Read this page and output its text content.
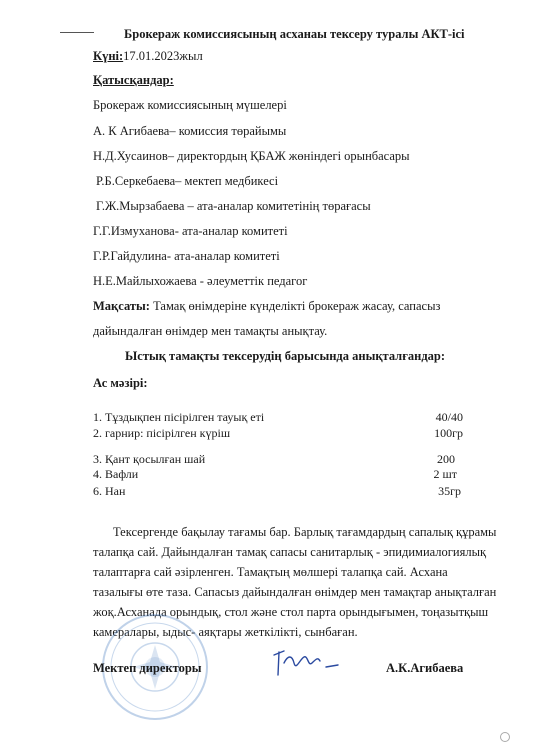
Брокераж комиссиясының асханаы тексеру туралы АКТ-ісі
Күні:17.01.2023жыл
Қатысқандар:
Брокераж комиссиясының мүшелері
А. К Агибаева– комиссия төрайымы
Н.Д.Хусаинов– директордың ҚБАЖ жөніндегі орынбасары
Р.Б.Серкебаева– мектеп медбикесі
Г.Ж.Мырзабаева – ата-аналар комитетінің төрағасы
Г.Г.Измуханова- ата-аналар комитеті
Г.Р.Гайдулина- ата-аналар комитеті
Н.Е.Майлыхожаева - әлеуметтік педагог
Мақсаты: Тамақ өнімдеріне күнделікті брокераж жасау, сапасыз
дайындалған өнімдер мен тамақты анықтау.
Ыстық тамақты тексерудің барысында анықталғандар:
Ас мәзірі:
1. Тұздықпен пісірілген тауық еті	40/40
2. гарнир: пісірілген күріш	100гр
3. Қант қосылған шай	200
4. Вафли	2 шт
6. Нан	35гр
Тексергенде бақылау тағамы бар. Барлық тағамдардың сапалық құрамы
талапқа сай. Дайындалған тамақ сапасы санитарлық - эпидимиалогиялық
талаптарға сай әзірленген. Тамақтың мөлшері талапқа сай. Асхана
тазалығы өте таза. Сапасыз дайындалған өнімдер мен тамақтар анықталған
жоқ.Асханада орындық, стол және стол парта орындығымен, тоңазытқыш
камералары, ыдыс- аяқтары жеткілікті, сынбаған.
Мектеп директоры	А.К.Агибаева
